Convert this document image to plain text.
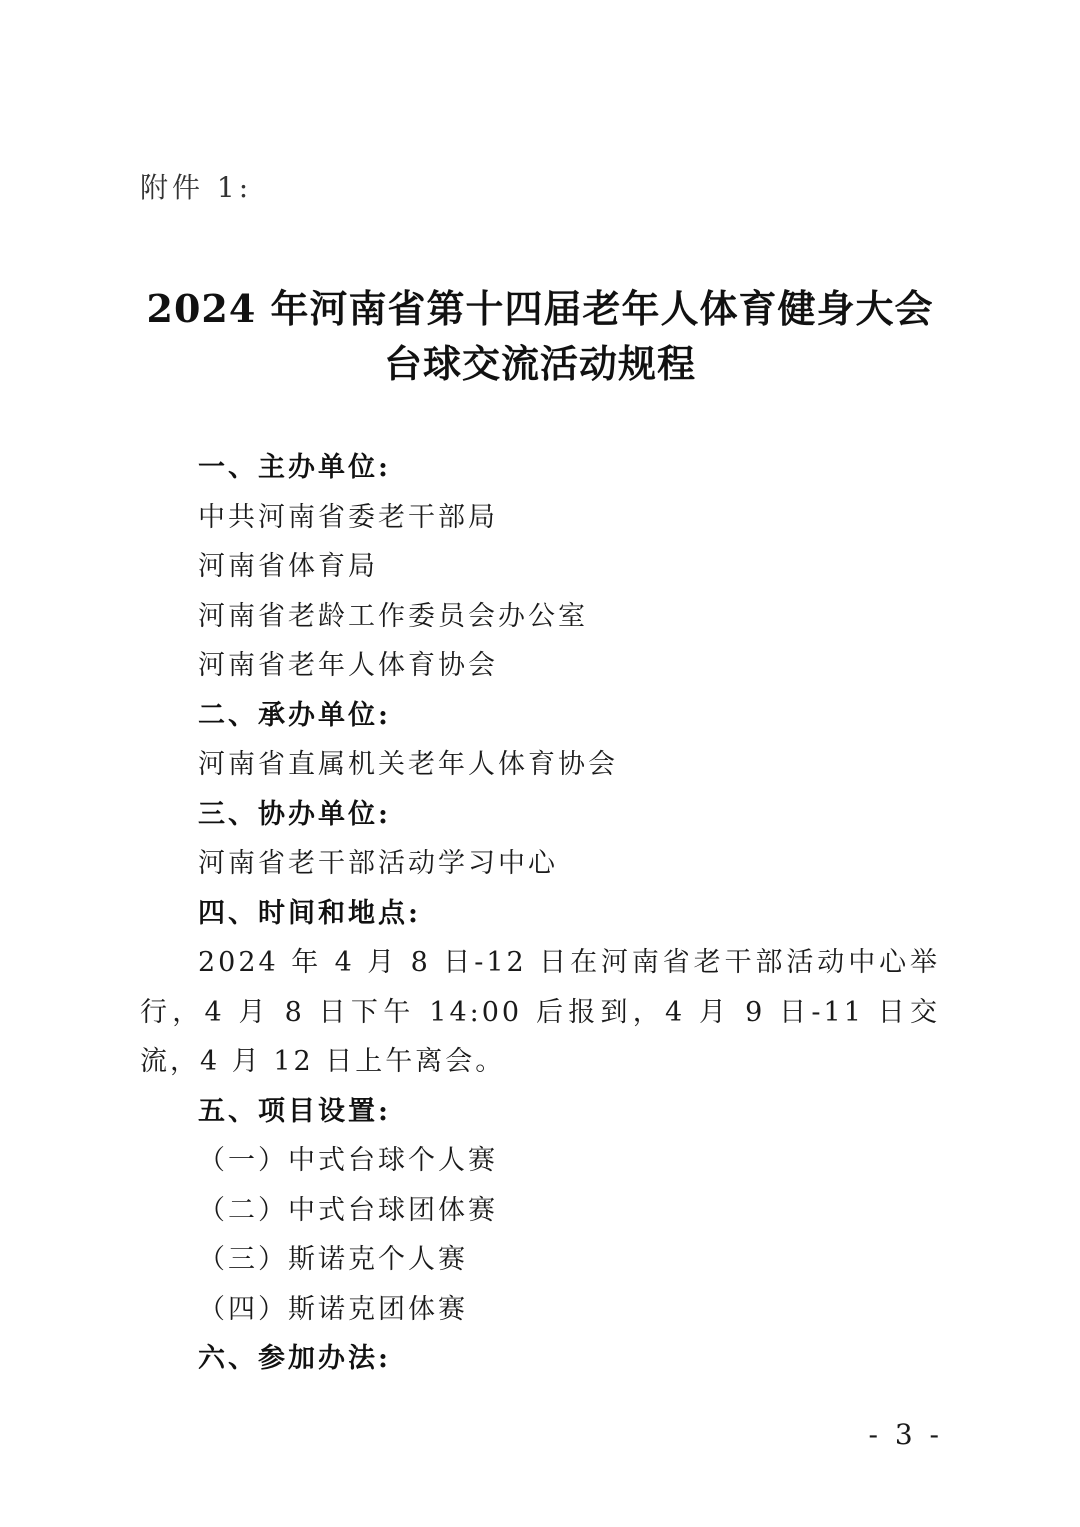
附件 1:
2024 年河南省第十四届老年人体育健身大会
台球交流活动规程

一、主办单位:

中共河南省委老干部局

河南省体育局

河南省老龄工作委员会办公室

河南省老年人体育协会

二、承办单位:

河南省直属机关老年人体育协会

三、协办单位:

河南省老干部活动学习中心

四、时间和地点:

2024 年 4 月 8 日-12 日在河南省老干部活动中心举行，4 月 8 日下午 14:00 后报到，4 月 9 日-11 日交流，4 月 12 日上午离会。

五、项目设置:

（一）中式台球个人赛

（二）中式台球团体赛

（三）斯诺克个人赛

（四）斯诺克团体赛

六、参加办法:

- 3 -
